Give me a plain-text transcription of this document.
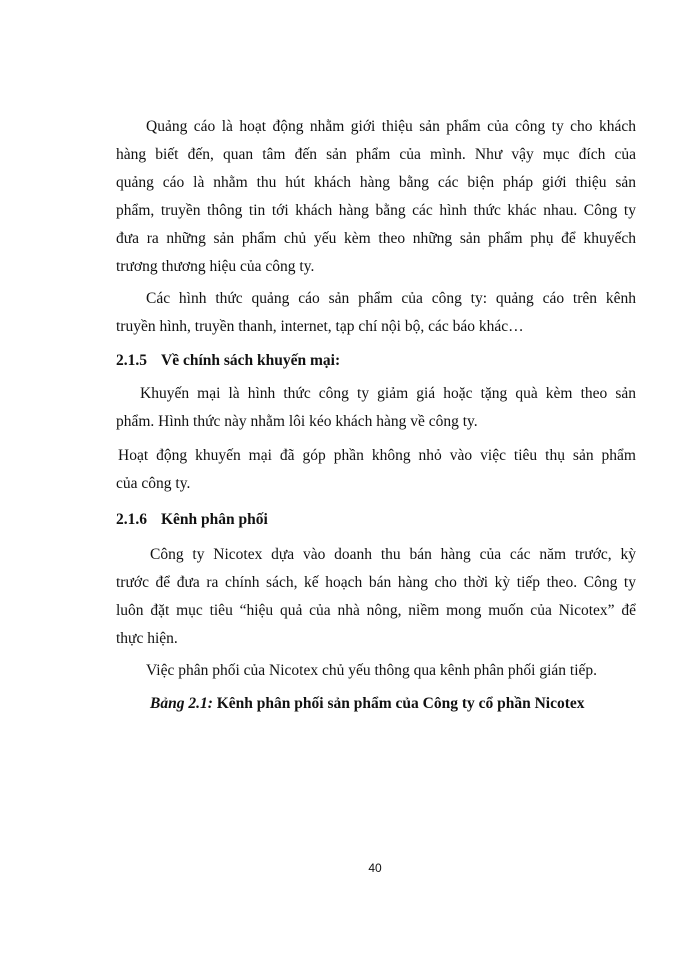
Quảng cáo là hoạt động nhằm giới thiệu sản phẩm của công ty cho khách
hàng biết đến, quan tâm đến sản phẩm của mình. Như vậy mục đích của
quảng cáo là nhằm thu hút khách hàng bằng các biện pháp giới thiệu sản
phẩm, truyền thông tin tới khách hàng bằng các hình thức khác nhau. Công ty
đưa ra những sản phẩm chủ yếu kèm theo những sản phẩm phụ để khuyếch
trương thương hiệu của công ty.
Các hình thức quảng cáo sản phẩm của công ty: quảng cáo trên kênh
truyền hình, truyền thanh, internet, tạp chí nội bộ, các báo khác…
2.1.5 Về chính sách khuyến mại:
Khuyến mại là hình thức công ty giảm giá hoặc tặng quà kèm theo sản
phẩm. Hình thức này nhằm lôi kéo khách hàng về công ty.
Hoạt động khuyến mại đã góp phần không nhỏ vào việc tiêu thụ sản phẩm
của công ty.
2.1.6 Kênh phân phối
Công ty Nicotex dựa vào doanh thu bán hàng của các năm trước, kỳ
trước để đưa ra chính sách, kế hoạch bán hàng cho thời kỳ tiếp theo. Công ty
luôn đặt mục tiêu “hiệu quả của nhà nông, niềm mong muốn của Nicotex” để
thực hiện.
Việc phân phối của Nicotex chủ yếu thông qua kênh phân phối gián tiếp.
Bảng 2.1: Kênh phân phối sản phẩm của Công ty cổ phần Nicotex
40
